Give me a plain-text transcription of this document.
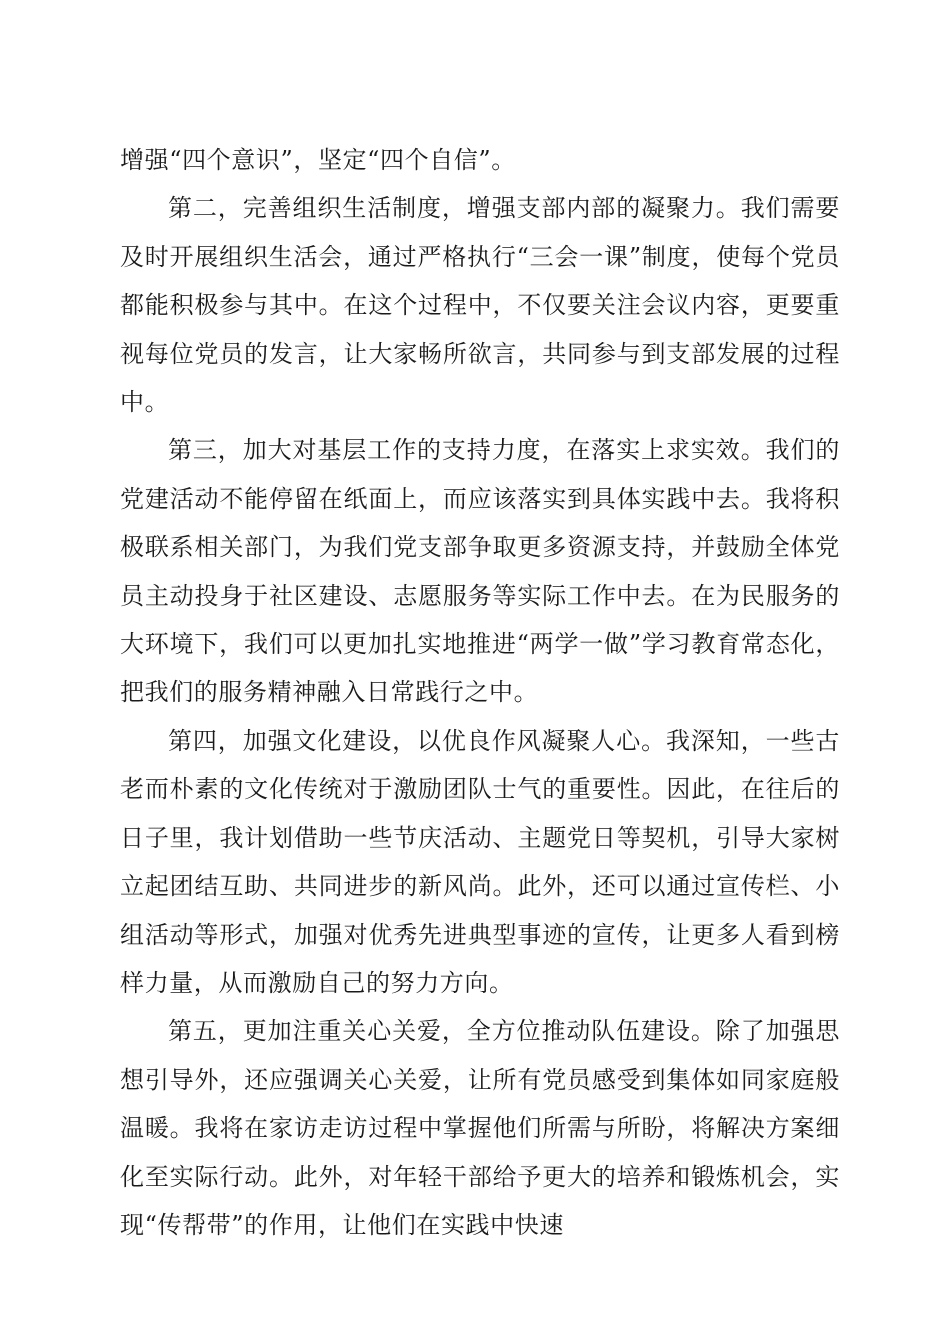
增强“四个意识”，坚定“四个自信”。

第二，完善组织生活制度，增强支部内部的凝聚力。我们需要及时开展组织生活会，通过严格执行“三会一课”制度，使每个党员都能积极参与其中。在这个过程中，不仅要关注会议内容，更要重视每位党员的发言，让大家畅所欲言，共同参与到支部发展的过程中。

第三，加大对基层工作的支持力度，在落实上求实效。我们的党建活动不能停留在纸面上，而应该落实到具体实践中去。我将积极联系相关部门，为我们党支部争取更多资源支持，并鼓励全体党员主动投身于社区建设、志愿服务等实际工作中去。在为民服务的大环境下，我们可以更加扎实地推进“两学一做”学习教育常态化，把我们的服务精神融入日常践行之中。

第四，加强文化建设，以优良作风凝聚人心。我深知，一些古老而朴素的文化传统对于激励团队士气的重要性。因此，在往后的日子里，我计划借助一些节庆活动、主题党日等契机，引导大家树立起团结互助、共同进步的新风尚。此外，还可以通过宣传栏、小组活动等形式，加强对优秀先进典型事迹的宣传，让更多人看到榜样力量，从而激励自己的努力方向。

第五，更加注重关心关爱，全方位推动队伍建设。除了加强思想引导外，还应强调关心关爱，让所有党员感受到集体如同家庭般温暖。我将在家访走访过程中掌握他们所需与所盼，将解决方案细化至实际行动。此外，对年轻干部给予更大的培养和锻炼机会，实现“传帮带”的作用，让他们在实践中快速
